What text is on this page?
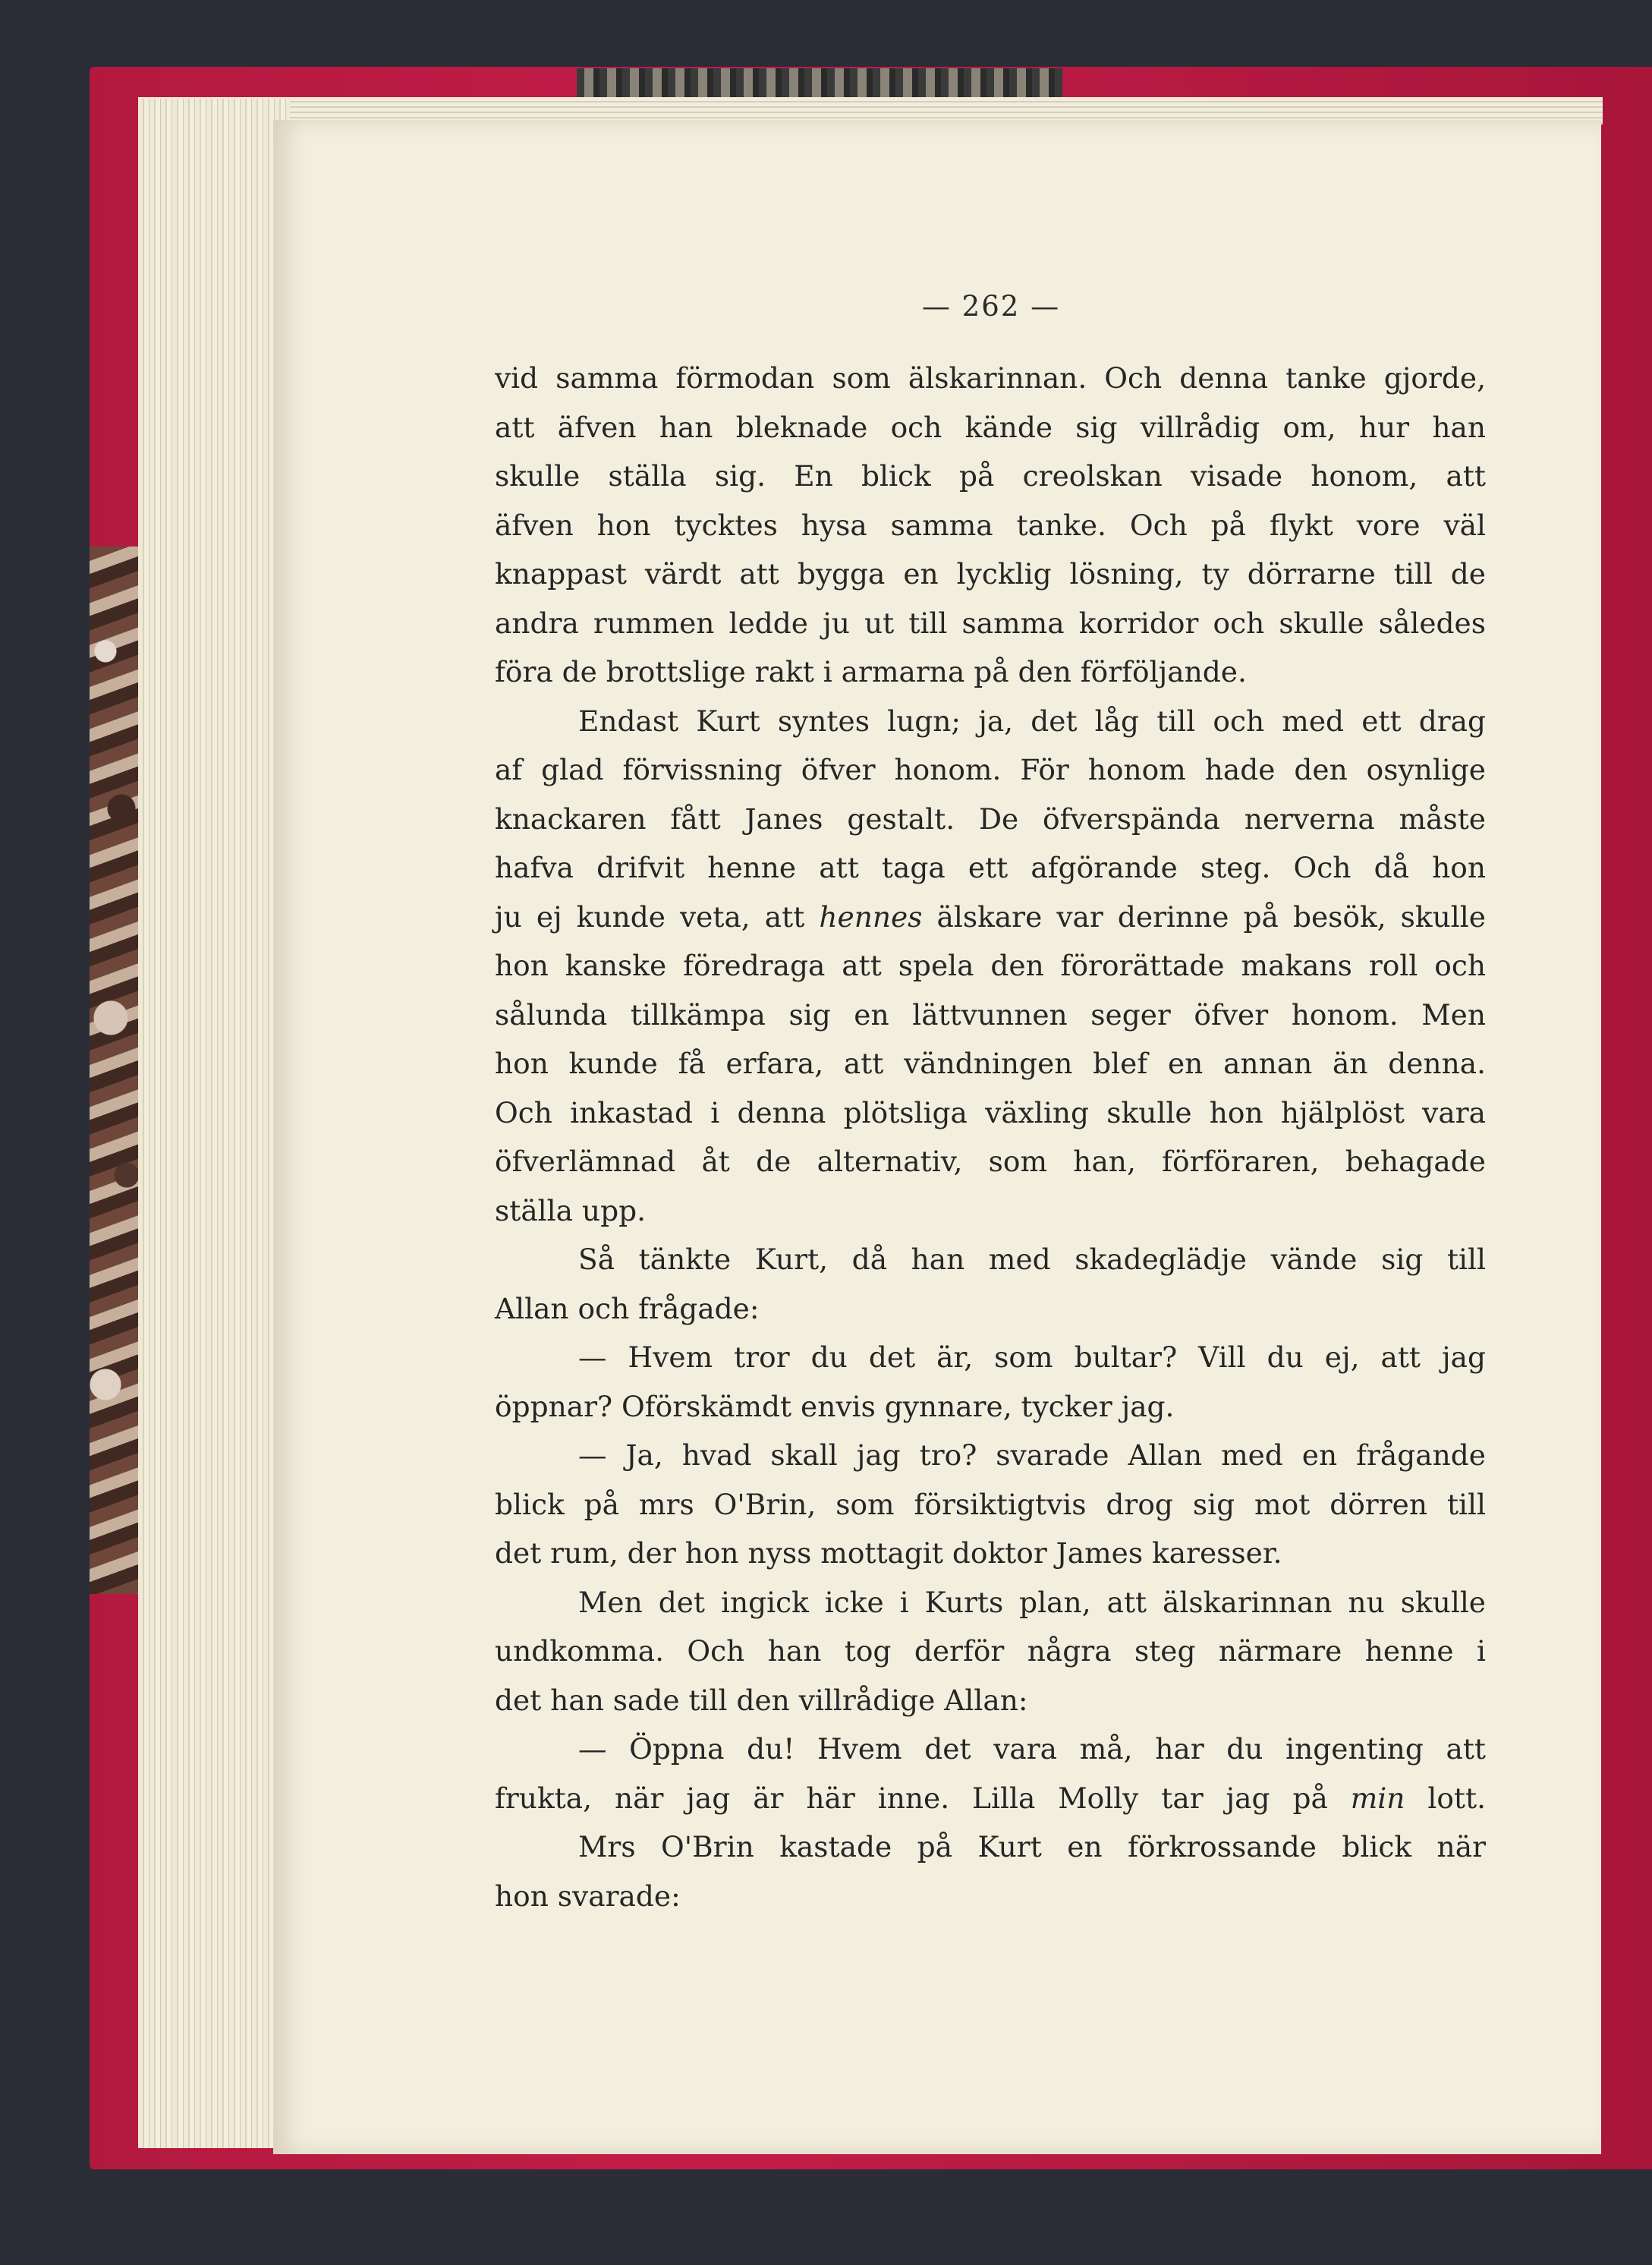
— 262 —
vid samma förmodan som älskarinnan. Och denna tanke gjorde,
att äfven han bleknade och kände sig villrådig om, hur han
skulle ställa sig. En blick på creolskan visade honom, att
äfven hon tycktes hysa samma tanke. Och på flykt vore väl
knappast värdt att bygga en lycklig lösning, ty dörrarne till de
andra rummen ledde ju ut till samma korridor och skulle således
föra de brottslige rakt i armarna på den förföljande.
Endast Kurt syntes lugn; ja, det låg till och med ett drag
af glad förvissning öfver honom. För honom hade den osynlige
knackaren fått Janes gestalt. De öfverspända nerverna måste
hafva drifvit henne att taga ett afgörande steg. Och då hon
ju ej kunde veta, att hennes älskare var derinne på besök, skulle
hon kanske föredraga att spela den förorättade makans roll och
sålunda tillkämpa sig en lättvunnen seger öfver honom. Men
hon kunde få erfara, att vändningen blef en annan än denna.
Och inkastad i denna plötsliga växling skulle hon hjälplöst vara
öfverlämnad åt de alternativ, som han, förföraren, behagade
ställa upp.
Så tänkte Kurt, då han med skadeglädje vände sig till
Allan och frågade:
— Hvem tror du det är, som bultar? Vill du ej, att jag
öppnar? Oförskämdt envis gynnare, tycker jag.
— Ja, hvad skall jag tro? svarade Allan med en frågande
blick på mrs O'Brin, som försiktigtvis drog sig mot dörren till
det rum, der hon nyss mottagit doktor James karesser.
Men det ingick icke i Kurts plan, att älskarinnan nu skulle
undkomma. Och han tog derför några steg närmare henne i
det han sade till den villrådige Allan:
— Öppna du! Hvem det vara må, har du ingenting att
frukta, när jag är här inne. Lilla Molly tar jag på min lott.
Mrs O'Brin kastade på Kurt en förkrossande blick när
hon svarade:
